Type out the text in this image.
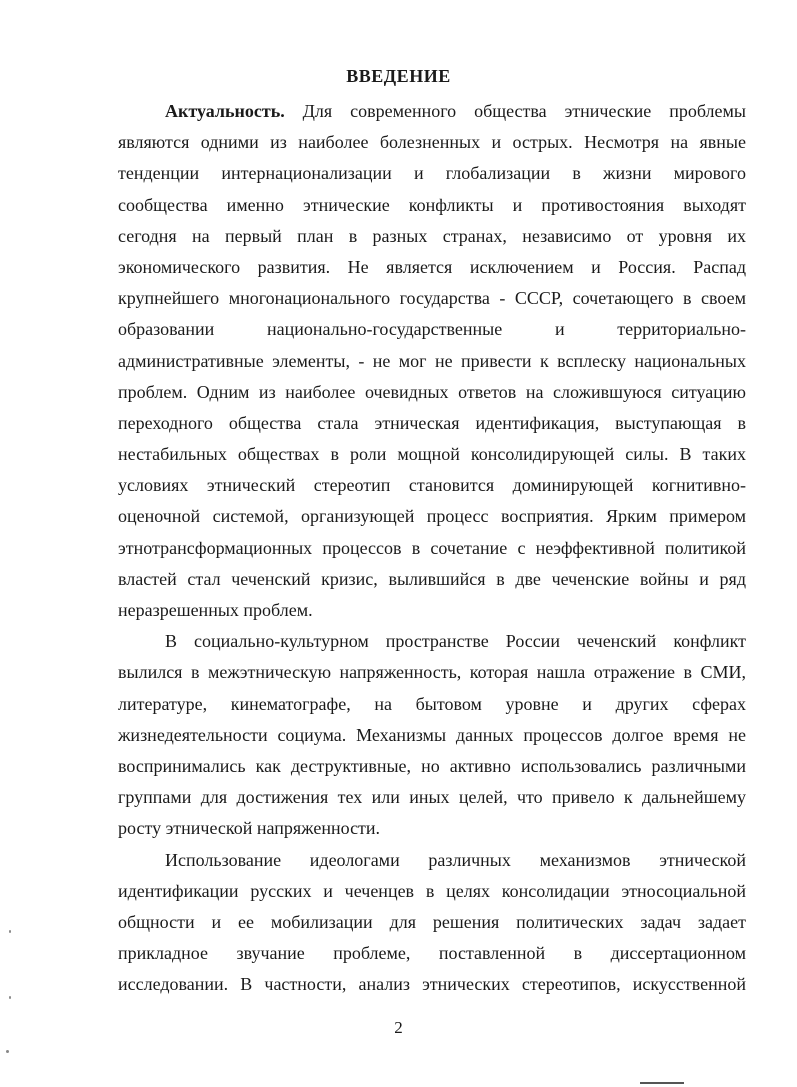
ВВЕДЕНИЕ
Актуальность. Для современного общества этнические проблемы
являются одними из наиболее болезненных и острых. Несмотря на явные
тенденции интернационализации и глобализации в жизни мирового
сообщества именно этнические конфликты и противостояния выходят
сегодня на первый план в разных странах, независимо от уровня их
экономического развития. Не является исключением и Россия. Распад
крупнейшего многонационального государства - СССР, сочетающего в своем
образовании национально-государственные и территориально-
административные элементы, - не мог не привести к всплеску национальных
проблем. Одним из наиболее очевидных ответов на сложившуюся ситуацию
переходного общества стала этническая идентификация, выступающая в
нестабильных обществах в роли мощной консолидирующей силы. В таких
условиях этнический стереотип становится доминирующей когнитивно-
оценочной системой, организующей процесс восприятия. Ярким примером
этнотрансформационных процессов в сочетание с неэффективной политикой
властей стал чеченский кризис, вылившийся в две чеченские войны и ряд
неразрешенных проблем.
В социально-культурном пространстве России чеченский конфликт
вылился в межэтническую напряженность, которая нашла отражение в СМИ,
литературе, кинематографе, на бытовом уровне и других сферах
жизнедеятельности социума. Механизмы данных процессов долгое время не
воспринимались как деструктивные, но активно использовались различными
группами для достижения тех или иных целей, что привело к дальнейшему
росту этнической напряженности.
Использование идеологами различных механизмов этнической
идентификации русских и чеченцев в целях консолидации этносоциальной
общности и ее мобилизации для решения политических задач задает
прикладное звучание проблеме, поставленной в диссертационном
исследовании. В частности, анализ этнических стереотипов, искусственной
2
